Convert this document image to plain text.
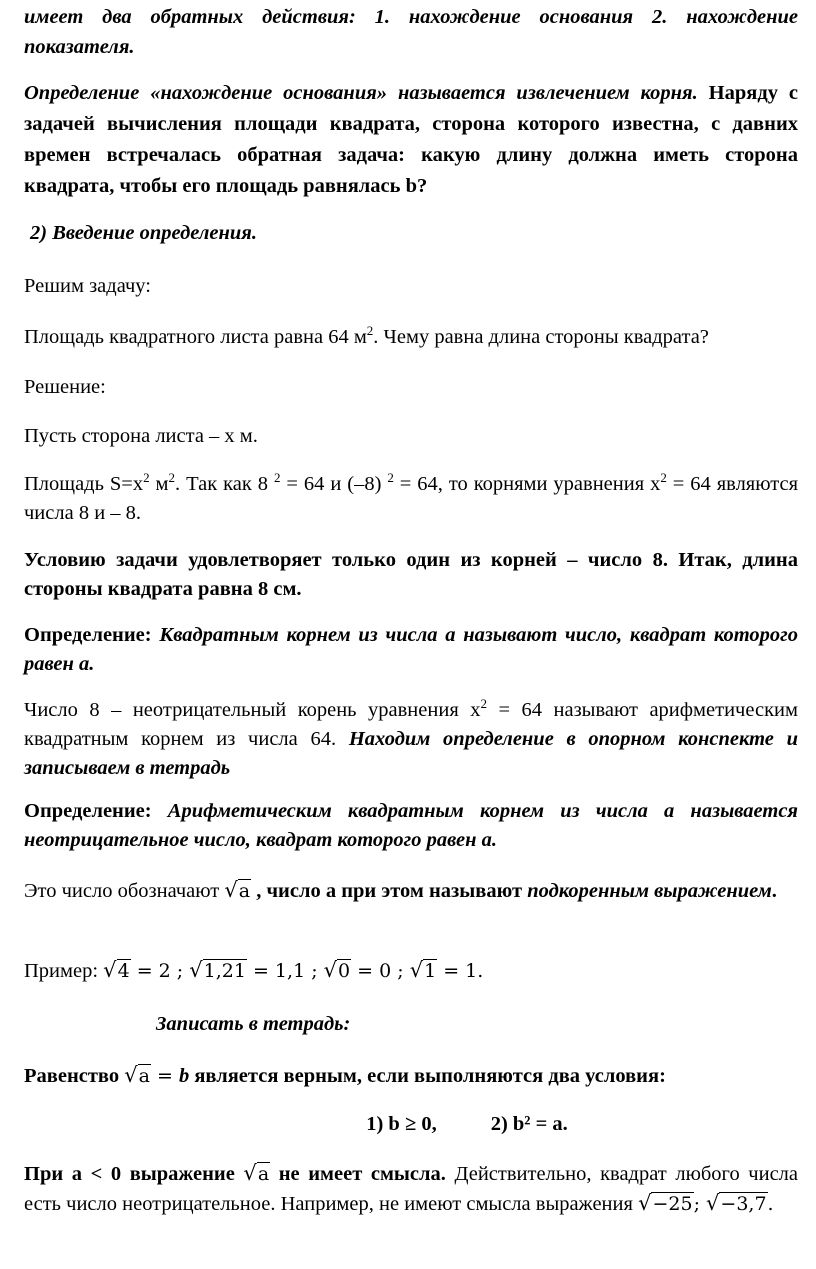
имеет два обратных действия: 1. нахождение основания 2. нахождение показателя.

Определение «нахождение основания» называется извлечением корня. Наряду с задачей вычисления площади квадрата, сторона которого известна, с давних времен встречалась обратная задача: какую длину должна иметь сторона квадрата, чтобы его площадь равнялась b?

2) Введение определения.

Решим задачу:

Площадь квадратного листа равна 64 $м^2$. Чему равна длина стороны квадрата?

Решение:

Пусть сторона листа – х м.

Площадь $S=х^2$ $м^2$. Так как 8 $^2$ = 64 и (–8) $^2$ = 64, то корнями уравнения $х^2 = 64$ являются числа 8 и – 8.

Условию задачи удовлетворяет только один из корней – число 8. Итак, длина стороны квадрата равна 8 см.

Определение: Квадратным корнем из числа а называют число, квадрат которого равен а.

Число 8 – неотрицательный корень уравнения $х^2 = 64$ называют арифметическим квадратным корнем из числа 64. Находим определение в опорном конспекте и записываем в тетрадь

Определение: Арифметическим квадратным корнем из числа а называется неотрицательное число, квадрат которого равен а.

Это число обозначают √a , число а при этом называют подкоренным выражением.

Пример: √4 = 2 ; √1,21 = 1,1 ; √0 = 0 ; √1 = 1.

Записать в тетрадь:

Равенство √a = b является верным, если выполняются два условия:

1) b ≥ 0,	2) b² = a.

При а < 0 выражение √a не имеет смысла. Действительно, квадрат любого числа есть число неотрицательное. Например, не имеют смысла выражения √−25; √−3,7.
